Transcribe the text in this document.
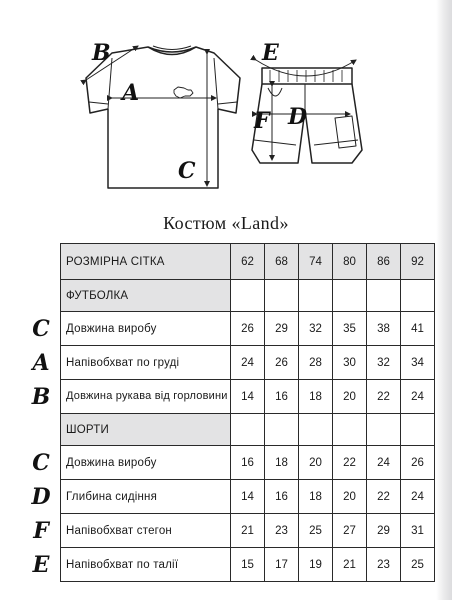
B
A
C
E
F D
Костюм «Land»
РОЗМІРНА СІТКА	62	68	74	80	86	92
ФУТБОЛКА						
Довжина виробу	26	29	32	35	38	41
Напівобхват по груді	24	26	28	30	32	34
Довжина рукава від горловини	14	16	18	20	22	24
ШОРТИ						
Довжина виробу	16	18	20	22	24	26
Глибина сидіння	14	16	18	20	22	24
Напівобхват стегон	21	23	25	27	29	31
Напівобхват по талії	15	17	19	21	23	25
C
A
B
C
D
F
E
